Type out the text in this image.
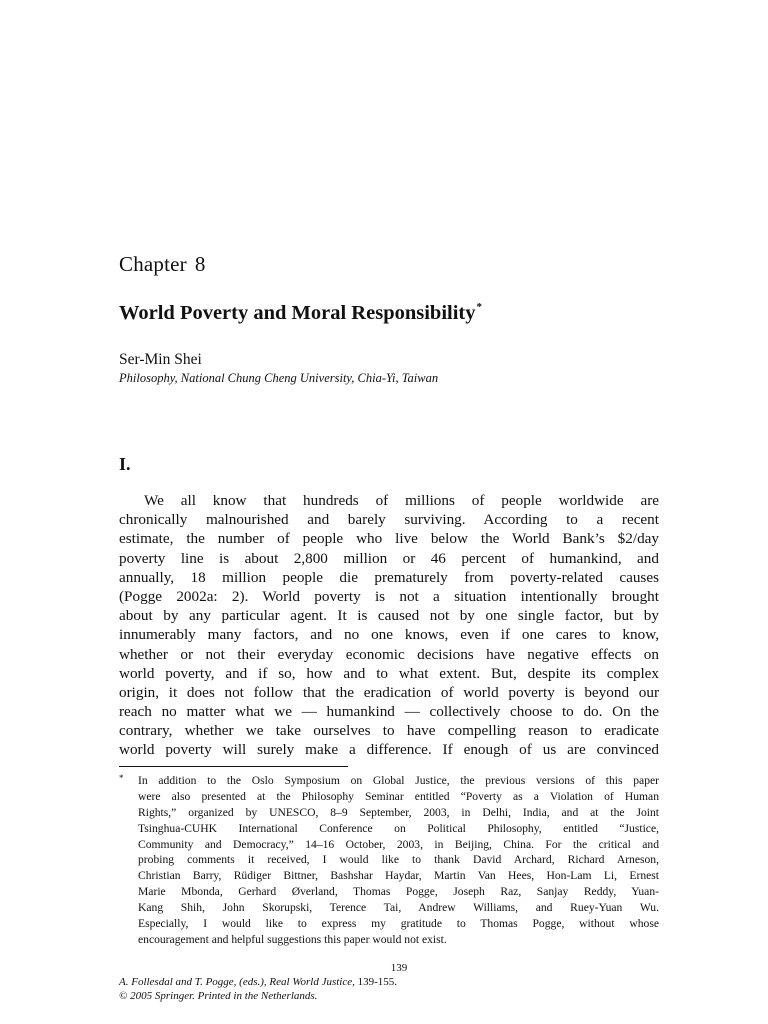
Chapter 8
World Poverty and Moral Responsibility*
Ser-Min Shei
Philosophy, National Chung Cheng University, Chia-Yi, Taiwan
I.
We all know that hundreds of millions of people worldwide are
chronically malnourished and barely surviving. According to a recent
estimate, the number of people who live below the World Bank’s $2/day
poverty line is about 2,800 million or 46 percent of humankind, and
annually, 18 million people die prematurely from poverty-related causes
(Pogge 2002a: 2). World poverty is not a situation intentionally brought
about by any particular agent. It is caused not by one single factor, but by
innumerably many factors, and no one knows, even if one cares to know,
whether or not their everyday economic decisions have negative effects on
world poverty, and if so, how and to what extent. But, despite its complex
origin, it does not follow that the eradication of world poverty is beyond our
reach no matter what we — humankind — collectively choose to do. On the
contrary, whether we take ourselves to have compelling reason to eradicate
world poverty will surely make a difference. If enough of us are convinced
* In addition to the Oslo Symposium on Global Justice, the previous versions of this paper
were also presented at the Philosophy Seminar entitled “Poverty as a Violation of Human
Rights,” organized by UNESCO, 8–9 September, 2003, in Delhi, India, and at the Joint
Tsinghua-CUHK International Conference on Political Philosophy, entitled “Justice,
Community and Democracy,” 14–16 October, 2003, in Beijing, China. For the critical and
probing comments it received, I would like to thank David Archard, Richard Arneson,
Christian Barry, Rüdiger Bittner, Bashshar Haydar, Martin Van Hees, Hon-Lam Li, Ernest
Marie Mbonda, Gerhard Øverland, Thomas Pogge, Joseph Raz, Sanjay Reddy, Yuan-
Kang Shih, John Skorupski, Terence Tai, Andrew Williams, and Ruey-Yuan Wu.
Especially, I would like to express my gratitude to Thomas Pogge, without whose
encouragement and helpful suggestions this paper would not exist.
139
A. Follesdal and T. Pogge, (eds.), Real World Justice, 139-155.
© 2005 Springer. Printed in the Netherlands.
